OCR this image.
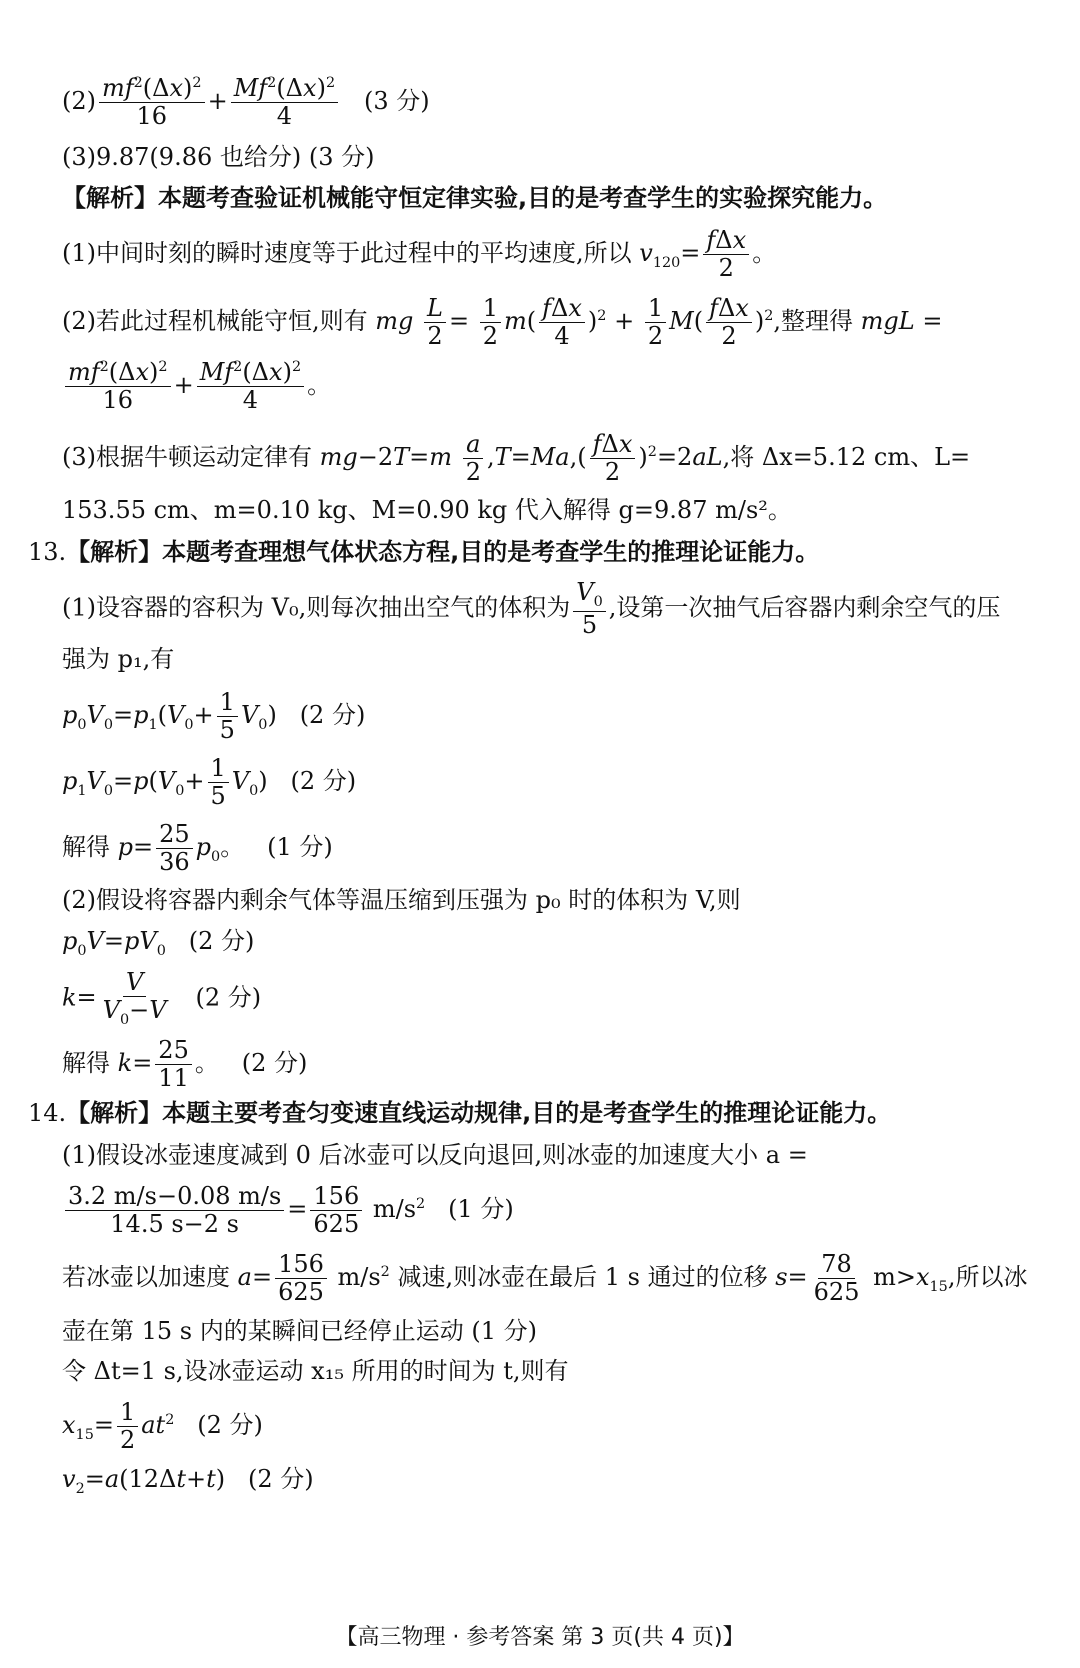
$(2) \frac{mf^2(\Delta x)^2}{16} + \frac{Mf^2(\Delta x)^2}{4} (3$ 分)
(3)9.87(9.86 也给分) (3 分)
【解析】本题考查验证机械能守恒定律实验,目的是考查学生的实验探究能力。
(1)中间时刻的瞬时速度等于此过程中的平均速度,所以 $v_{120}= \frac{\text{fΔx}}{2}$ 。
(2)若此过程机械能守恒,则有 mg $\frac{L}{2} = \frac{1}{2} m( \frac{\text{fΔx}}{4} )^2 + \frac{1}{2} M( \frac{\text{fΔx}}{2} )^2$,整理得 mgL =
$\frac{mf^2(\Delta x)^2}{16} + \frac{Mf^2(\Delta x)^2}{4}$ 。
(3)根据牛顿运动定律有 $mg-2T=m \frac{a}{2} ,T=Ma,( \frac{\text{fΔx}}{2} )^2=2aL$,将 Δx=5.12 cm、L=
153.55 cm、m=0.10 kg、M=0.90 kg 代入解得 g=9.87 m/s²。
13.【解析】本题考查理想气体状态方程,目的是考查学生的推理论证能力。
(1)设容器的容积为 V₀,则每次抽出空气的体积为 $\frac{V_0}{5}$ ,设第一次抽气后容器内剩余空气的压
强为 p₁,有
$p_0V_0=p_1(V_0+ \frac{1}{5} V_0)$   (2 分)
$p_1V_0=p(V_0+ \frac{1}{5} V_0)$   (2 分)
解得 $p= \frac{25}{36} p_0$。   (1 分)
(2)假设将容器内剩余气体等温压缩到压强为 p₀ 时的体积为 V,则
$p_0V=pV_0$ (2 分)
$k= \frac{V}{V_0-V} (2$ 分)
解得 $k= \frac{25}{11}$ 。   (2 分)
14.【解析】本题主要考查匀变速直线运动规律,目的是考查学生的推理论证能力。
(1)假设冰壶速度减到 0 后冰壶可以反向退回,则冰壶的加速度大小 a =
$\frac{3.2 m/s-0.08 m/s}{14.5 s-2 s} = \frac{156}{625} m/s^2$ (1 分)
若冰壶以加速度 $a= \frac{156}{625} m/s^2$ 减速,则冰壶在最后 1 s 通过的位移 $s= \frac{78}{625} m>x_{15}$,所以冰
壶在第 15 s 内的某瞬间已经停止运动 (1 分)
令 Δt=1 s,设冰壶运动 x₁₅ 所用的时间为 t,则有
$x_{15}= \frac{1}{2} at^2$ (2 分)
$v_2=a(12\Delta t+t)$   (2 分)
【高三物理 · 参考答案 第 3 页(共 4 页)】
